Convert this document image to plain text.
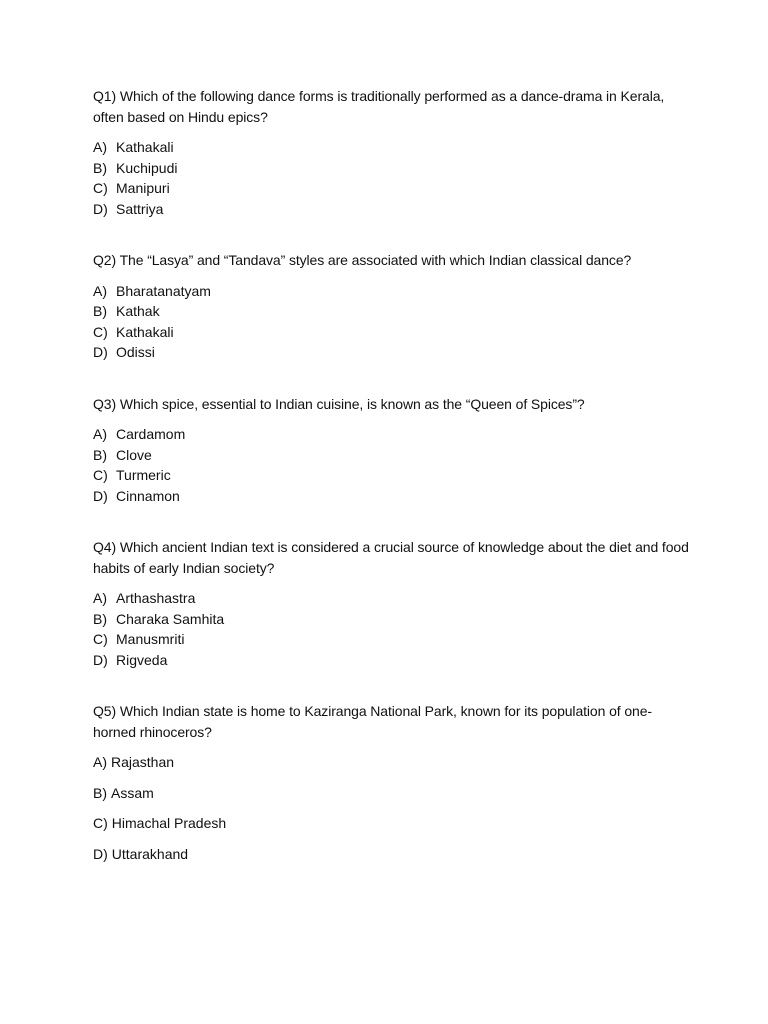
Q1) Which of the following dance forms is traditionally performed as a dance-drama in Kerala, often based on Hindu epics?

A) Kathakali
B) Kuchipudi
C) Manipuri
D) Sattriya

Q2) The “Lasya” and “Tandava” styles are associated with which Indian classical dance?

A) Bharatanatyam
B) Kathak
C) Kathakali
D) Odissi

Q3) Which spice, essential to Indian cuisine, is known as the “Queen of Spices”?

A) Cardamom
B) Clove
C) Turmeric
D) Cinnamon

Q4) Which ancient Indian text is considered a crucial source of knowledge about the diet and food habits of early Indian society?

A) Arthashastra
B) Charaka Samhita
C) Manusmriti
D) Rigveda

Q5) Which Indian state is home to Kaziranga National Park, known for its population of one-horned rhinoceros?

A) Rajasthan
B) Assam
C) Himachal Pradesh
D) Uttarakhand
